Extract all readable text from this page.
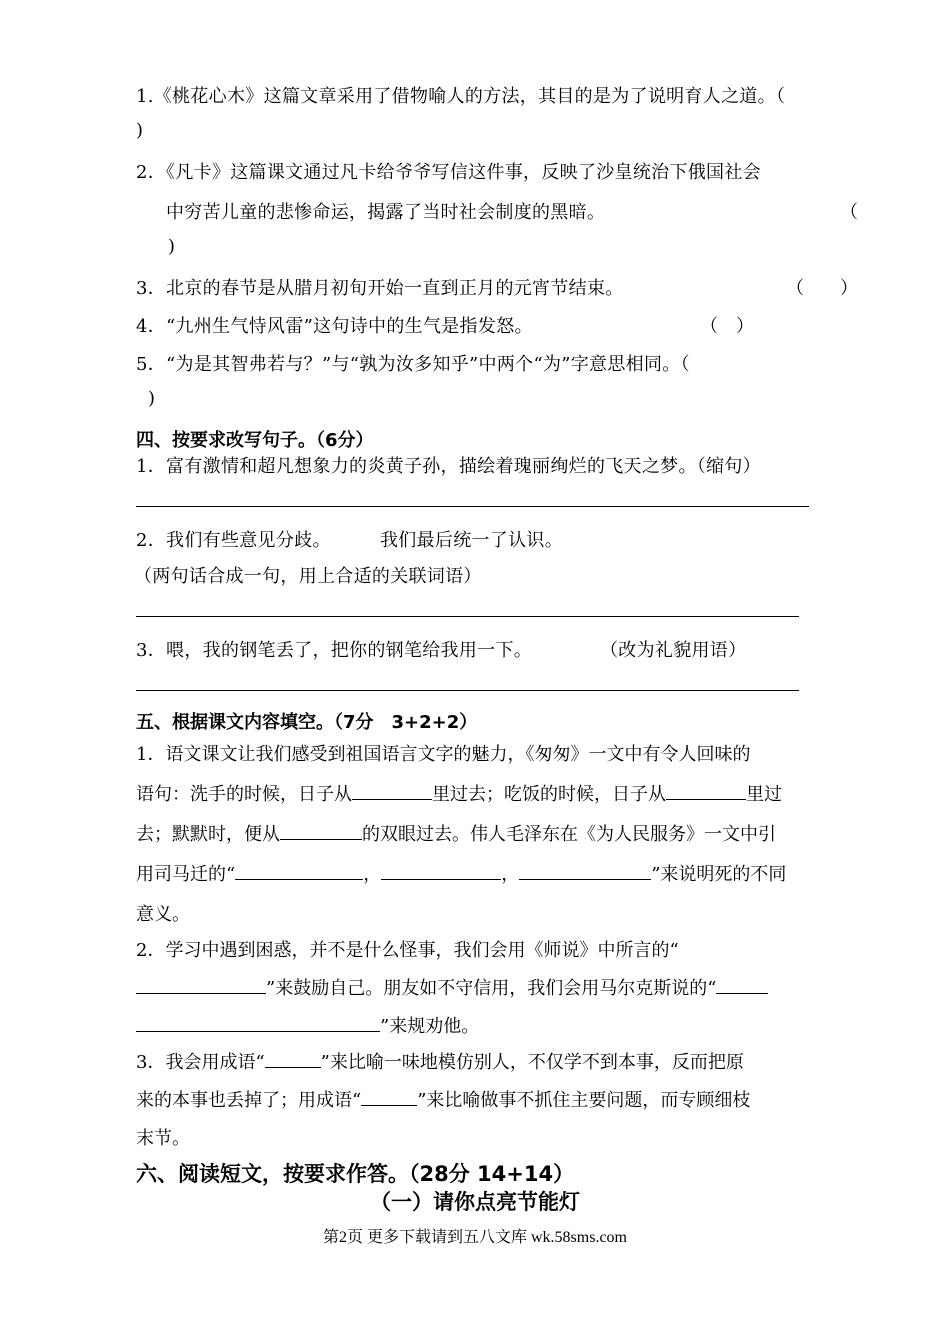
1.《桃花心木》这篇文章采用了借物喻人的方法，其目的是为了说明育人之道。（
)
2．《凡卡》这篇课文通过凡卡给爷爷写信这件事，反映了沙皇统治下俄国社会
中穷苦儿童的悲惨命运，揭露了当时社会制度的黑暗。	（
)
3．北京的春节是从腊月初旬开始一直到正月的元宵节结束。	（　　）
4．“九州生气恃风雷”这句诗中的生气是指发怒。	（　）
5．“为是其智弗若与？”与“孰为汝多知乎”中两个“为”字意思相同。（
)
四、按要求改写句子。（6分）
1．富有激情和超凡想象力的炎黄子孙，描绘着瑰丽绚烂的飞天之梦。（缩句）
2．我们有些意见分歧。	我们最后统一了认识。
（两句话合成一句，用上合适的关联词语）
3．喂，我的钢笔丢了，把你的钢笔给我用一下。	（改为礼貌用语）
五、根据课文内容填空。（7分　3+2+2）
1．语文课文让我们感受到祖国语言文字的魅力，《匆匆》一文中有令人回味的
语句：洗手的时候，日子从	里过去；吃饭的时候，日子从	里过
去；默默时，便从	的双眼过去。伟人毛泽东在《为人民服务》一文中引
用司马迁的“	，	，	”来说明死的不同
意义。
2．学习中遇到困惑，并不是什么怪事，我们会用《师说》中所言的“
”来鼓励自己。朋友如不守信用，我们会用马尔克斯说的“
”来规劝他。
3．我会用成语“	”来比喻一味地模仿别人，不仅学不到本事，反而把原
来的本事也丢掉了；用成语“	”来比喻做事不抓住主要问题，而专顾细枝
末节。
六、阅读短文，按要求作答。（28分 14+14）
（一）请你点亮节能灯
第2页 更多下载请到五八文库 wk.58sms.com
